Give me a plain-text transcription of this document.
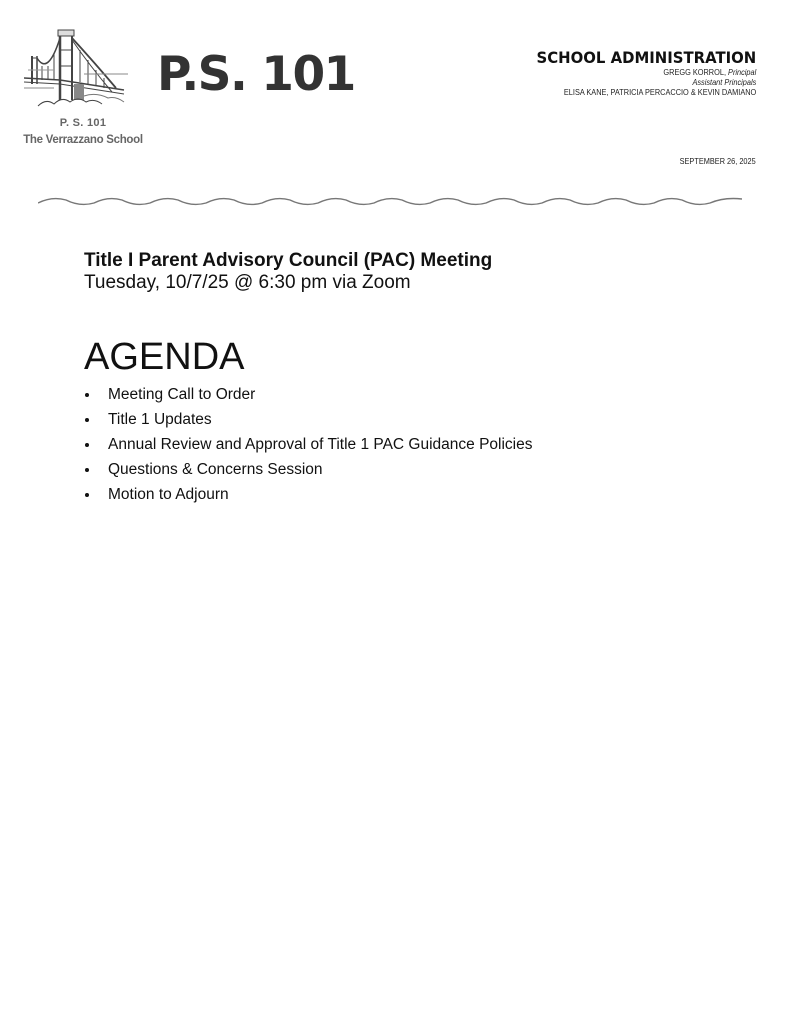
P. S. 101
The Verrazzano School
P.S. 101	SCHOOL ADMINISTRATION
GREGG KORROL, Principal
Assistant Principals
ELISA KANE, PATRICIA PERCACCIO & KEVIN DAMIANO
SEPTEMBER 26, 2025
Title I Parent Advisory Council (PAC) Meeting
Tuesday, 10/7/25 @ 6:30 pm via Zoom
AGENDA
Meeting Call to Order
Title 1 Updates
Annual Review and Approval of Title 1 PAC Guidance Policies
Questions & Concerns Session
Motion to Adjourn
